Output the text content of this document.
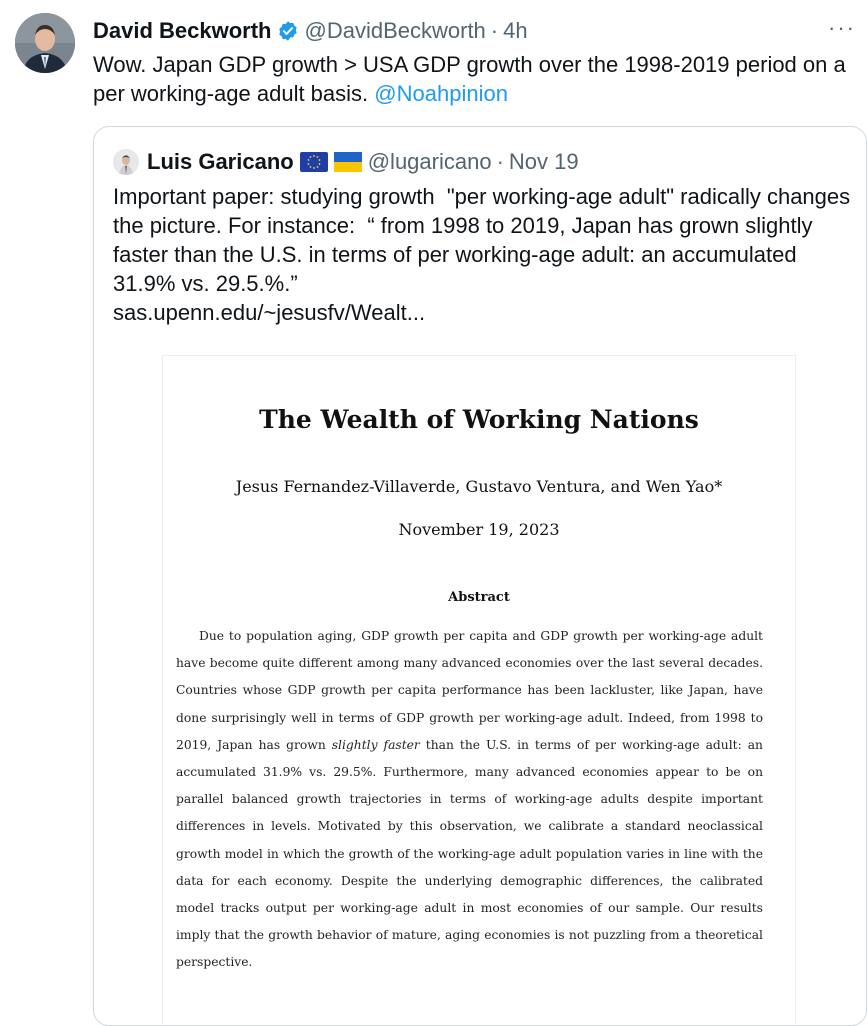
David Beckworth @DavidBeckworth · 4h	···
Wow. Japan GDP growth > USA GDP growth over the 1998-2019 period on a per working-age adult basis. @Noahpinion
Luis Garicano	@lugaricano · Nov 19
Important paper: studying growth  "per working-age adult" radically changes the picture. For instance:  “ from 1998 to 2019, Japan has grown slightly faster than the U.S. in terms of per working-age adult: an accumulated 31.9% vs. 29.5.%.”
sas.upenn.edu/~jesusfv/Wealt...
The Wealth of Working Nations
Jesus Fernandez-Villaverde, Gustavo Ventura, and Wen Yao*
November 19, 2023
Abstract
Due to population aging, GDP growth per capita and GDP growth per working-age adult have become quite different among many advanced economies over the last several decades. Countries whose GDP growth per capita performance has been lackluster, like Japan, have done surprisingly well in terms of GDP growth per working-age adult. Indeed, from 1998 to 2019, Japan has grown slightly faster than the U.S. in terms of per working-age adult: an accumulated 31.9% vs. 29.5%. Furthermore, many advanced economies appear to be on parallel balanced growth trajectories in terms of working-age adults despite important differences in levels. Motivated by this observation, we calibrate a standard neoclassical growth model in which the growth of the working-age adult population varies in line with the data for each economy. Despite the underlying demographic differences, the calibrated model tracks output per working-age adult in most economies of our sample. Our results imply that the growth behavior of mature, aging economies is not puzzling from a theoretical perspective.
